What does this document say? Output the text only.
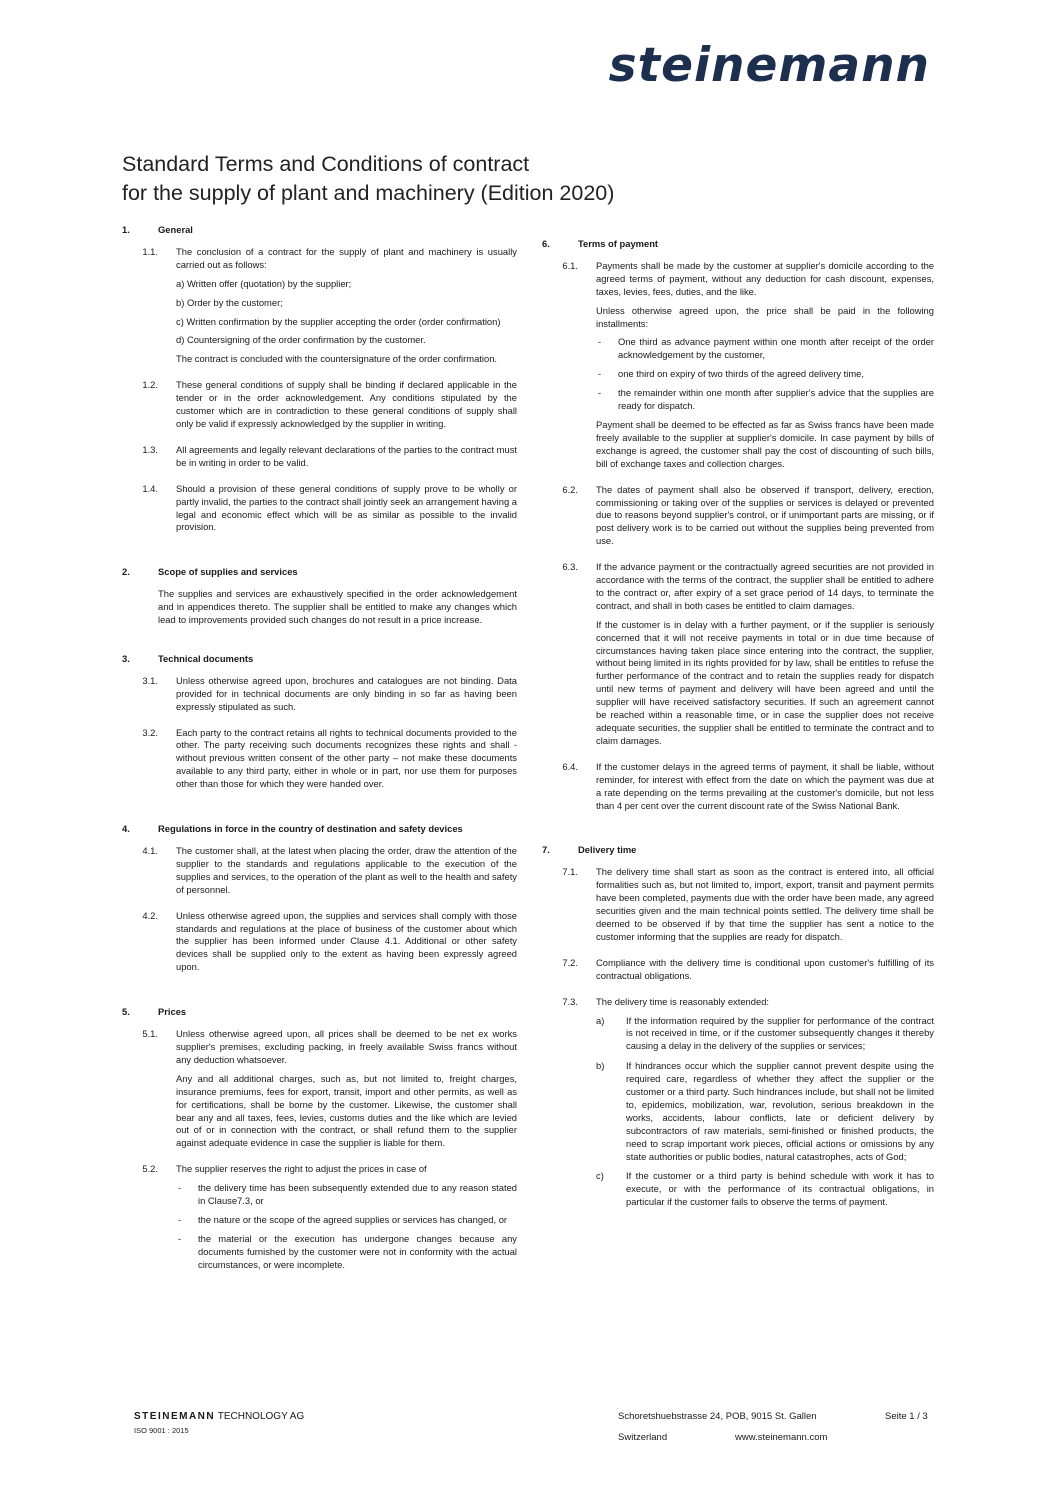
steinemann
Standard Terms and Conditions of contract
for the supply of plant and machinery (Edition 2020)
1.	General
1.1.	The conclusion of a contract for the supply of plant and machinery is usually carried out as follows:
a) Written offer (quotation) by the supplier;
b) Order by the customer;
c) Written confirmation by the supplier accepting the order (order confirmation)
d) Countersigning of the order confirmation by the customer.
The contract is concluded with the countersignature of the order confirmation.
1.2.	These general conditions of supply shall be binding if declared applicable in the tender or in the order acknowledgement. Any conditions stipulated by the customer which are in contradiction to these general conditions of supply shall only be valid if expressly acknowledged by the supplier in writing.
1.3.	All agreements and legally relevant declarations of the parties to the contract must be in writing in order to be valid.
1.4.	Should a provision of these general conditions of supply prove to be wholly or partly invalid, the parties to the contract shall jointly seek an arrangement having a legal and economic effect which will be as similar as possible to the invalid provision.
2.	Scope of supplies and services
The supplies and services are exhaustively specified in the order acknowledgement and in appendices thereto. The supplier shall be entitled to make any changes which lead to improvements provided such changes do not result in a price increase.
3.	Technical documents
3.1.	Unless otherwise agreed upon, brochures and catalogues are not binding. Data provided for in technical documents are only binding in so far as having been expressly stipulated as such.
3.2.	Each party to the contract retains all rights to technical documents provided to the other. The party receiving such documents recognizes these rights and shall - without previous written consent of the other party – not make these documents available to any third party, either in whole or in part, nor use them for purposes other than those for which they were handed over.
4.	Regulations in force in the country of destination and safety devices
4.1.	The customer shall, at the latest when placing the order, draw the attention of the supplier to the standards and regulations applicable to the execution of the supplies and services, to the operation of the plant as well to the health and safety of personnel.
4.2.	Unless otherwise agreed upon, the supplies and services shall comply with those standards and regulations at the place of business of the customer about which the supplier has been informed under Clause 4.1. Additional or other safety devices shall be supplied only to the extent as having been expressly agreed upon.
5.	Prices
5.1.	Unless otherwise agreed upon, all prices shall be deemed to be net ex works supplier's premises, excluding packing, in freely available Swiss francs without any deduction whatsoever.
Any and all additional charges, such as, but not limited to, freight charges, insurance premiums, fees for export, transit, import and other permits, as well as for certifications, shall be borne by the customer. Likewise, the customer shall bear any and all taxes, fees, levies, customs duties and the like which are levied out of or in connection with the contract, or shall refund them to the supplier against adequate evidence in case the supplier is liable for them.
5.2.	The supplier reserves the right to adjust the prices in case of
-	the delivery time has been subsequently extended due to any reason stated in Clause7.3, or
-	the nature or the scope of the agreed supplies or services has changed, or
-	the material or the execution has undergone changes because any documents furnished by the customer were not in conformity with the actual circumstances, or were incomplete.
6.	Terms of payment
6.1.	Payments shall be made by the customer at supplier's domicile according to the agreed terms of payment, without any deduction for cash discount, expenses, taxes, levies, fees, duties, and the like.
Unless otherwise agreed upon, the price shall be paid in the following installments:
-	One third as advance payment within one month after receipt of the order acknowledgement by the customer,
-	one third on expiry of two thirds of the agreed delivery time,
-	the remainder within one month after supplier's advice that the supplies are ready for dispatch.
Payment shall be deemed to be effected as far as Swiss francs have been made freely available to the supplier at supplier's domicile. In case payment by bills of exchange is agreed, the customer shall pay the cost of discounting of such bills, bill of exchange taxes and collection charges.
6.2.	The dates of payment shall also be observed if transport, delivery, erection, commissioning or taking over of the supplies or services is delayed or prevented due to reasons beyond supplier's control, or if unimportant parts are missing, or if post delivery work is to be carried out without the supplies being prevented from use.
6.3.	If the advance payment or the contractually agreed securities are not provided in accordance with the terms of the contract, the supplier shall be entitled to adhere to the contract or, after expiry of a set grace period of 14 days, to terminate the contract, and shall in both cases be entitled to claim damages.
If the customer is in delay with a further payment, or if the supplier is seriously concerned that it will not receive payments in total or in due time because of circumstances having taken place since entering into the contract, the supplier, without being limited in its rights provided for by law, shall be entitles to refuse the further performance of the contract and to retain the supplies ready for dispatch until new terms of payment and delivery will have been agreed and until the supplier will have received satisfactory securities. If such an agreement cannot be reached within a reasonable time, or in case the supplier does not receive adequate securities, the supplier shall be entitled to terminate the contract and to claim damages.
6.4.	If the customer delays in the agreed terms of payment, it shall be liable, without reminder, for interest with effect from the date on which the payment was due at a rate depending on the terms prevailing at the customer's domicile, but not less than 4 per cent over the current discount rate of the Swiss National Bank.
7.	Delivery time
7.1.	The delivery time shall start as soon as the contract is entered into, all official formalities such as, but not limited to, import, export, transit and payment permits have been completed, payments due with the order have been made, any agreed securities given and the main technical points settled. The delivery time shall be deemed to be observed if by that time the supplier has sent a notice to the customer informing that the supplies are ready for dispatch.
7.2.	Compliance with the delivery time is conditional upon customer's fulfilling of its contractual obligations.
7.3.	The delivery time is reasonably extended:
a)	If the information required by the supplier for performance of the contract is not received in time, or if the customer subsequently changes it thereby causing a delay in the delivery of the supplies or services;
b)	If hindrances occur which the supplier cannot prevent despite using the required care, regardless of whether they affect the supplier or the customer or a third party. Such hindrances include, but shall not be limited to, epidemics, mobilization, war, revolution, serious breakdown in the works, accidents, labour conflicts, late or deficient delivery by subcontractors of raw materials, semi-finished or finished products, the need to scrap important work pieces, official actions or omissions by any state authorities or public bodies, natural catastrophes, acts of God;
c)	If the customer or a third party is behind schedule with work it has to execute, or with the performance of its contractual obligations, in particular if the customer fails to observe the terms of payment.
STEINEMANN TECHNOLOGY AG
ISO 9001 : 2015
Schoretshuebstrasse 24, POB, 9015 St. Gallen
Switzerland	www.steinemann.com
Seite 1 / 3
